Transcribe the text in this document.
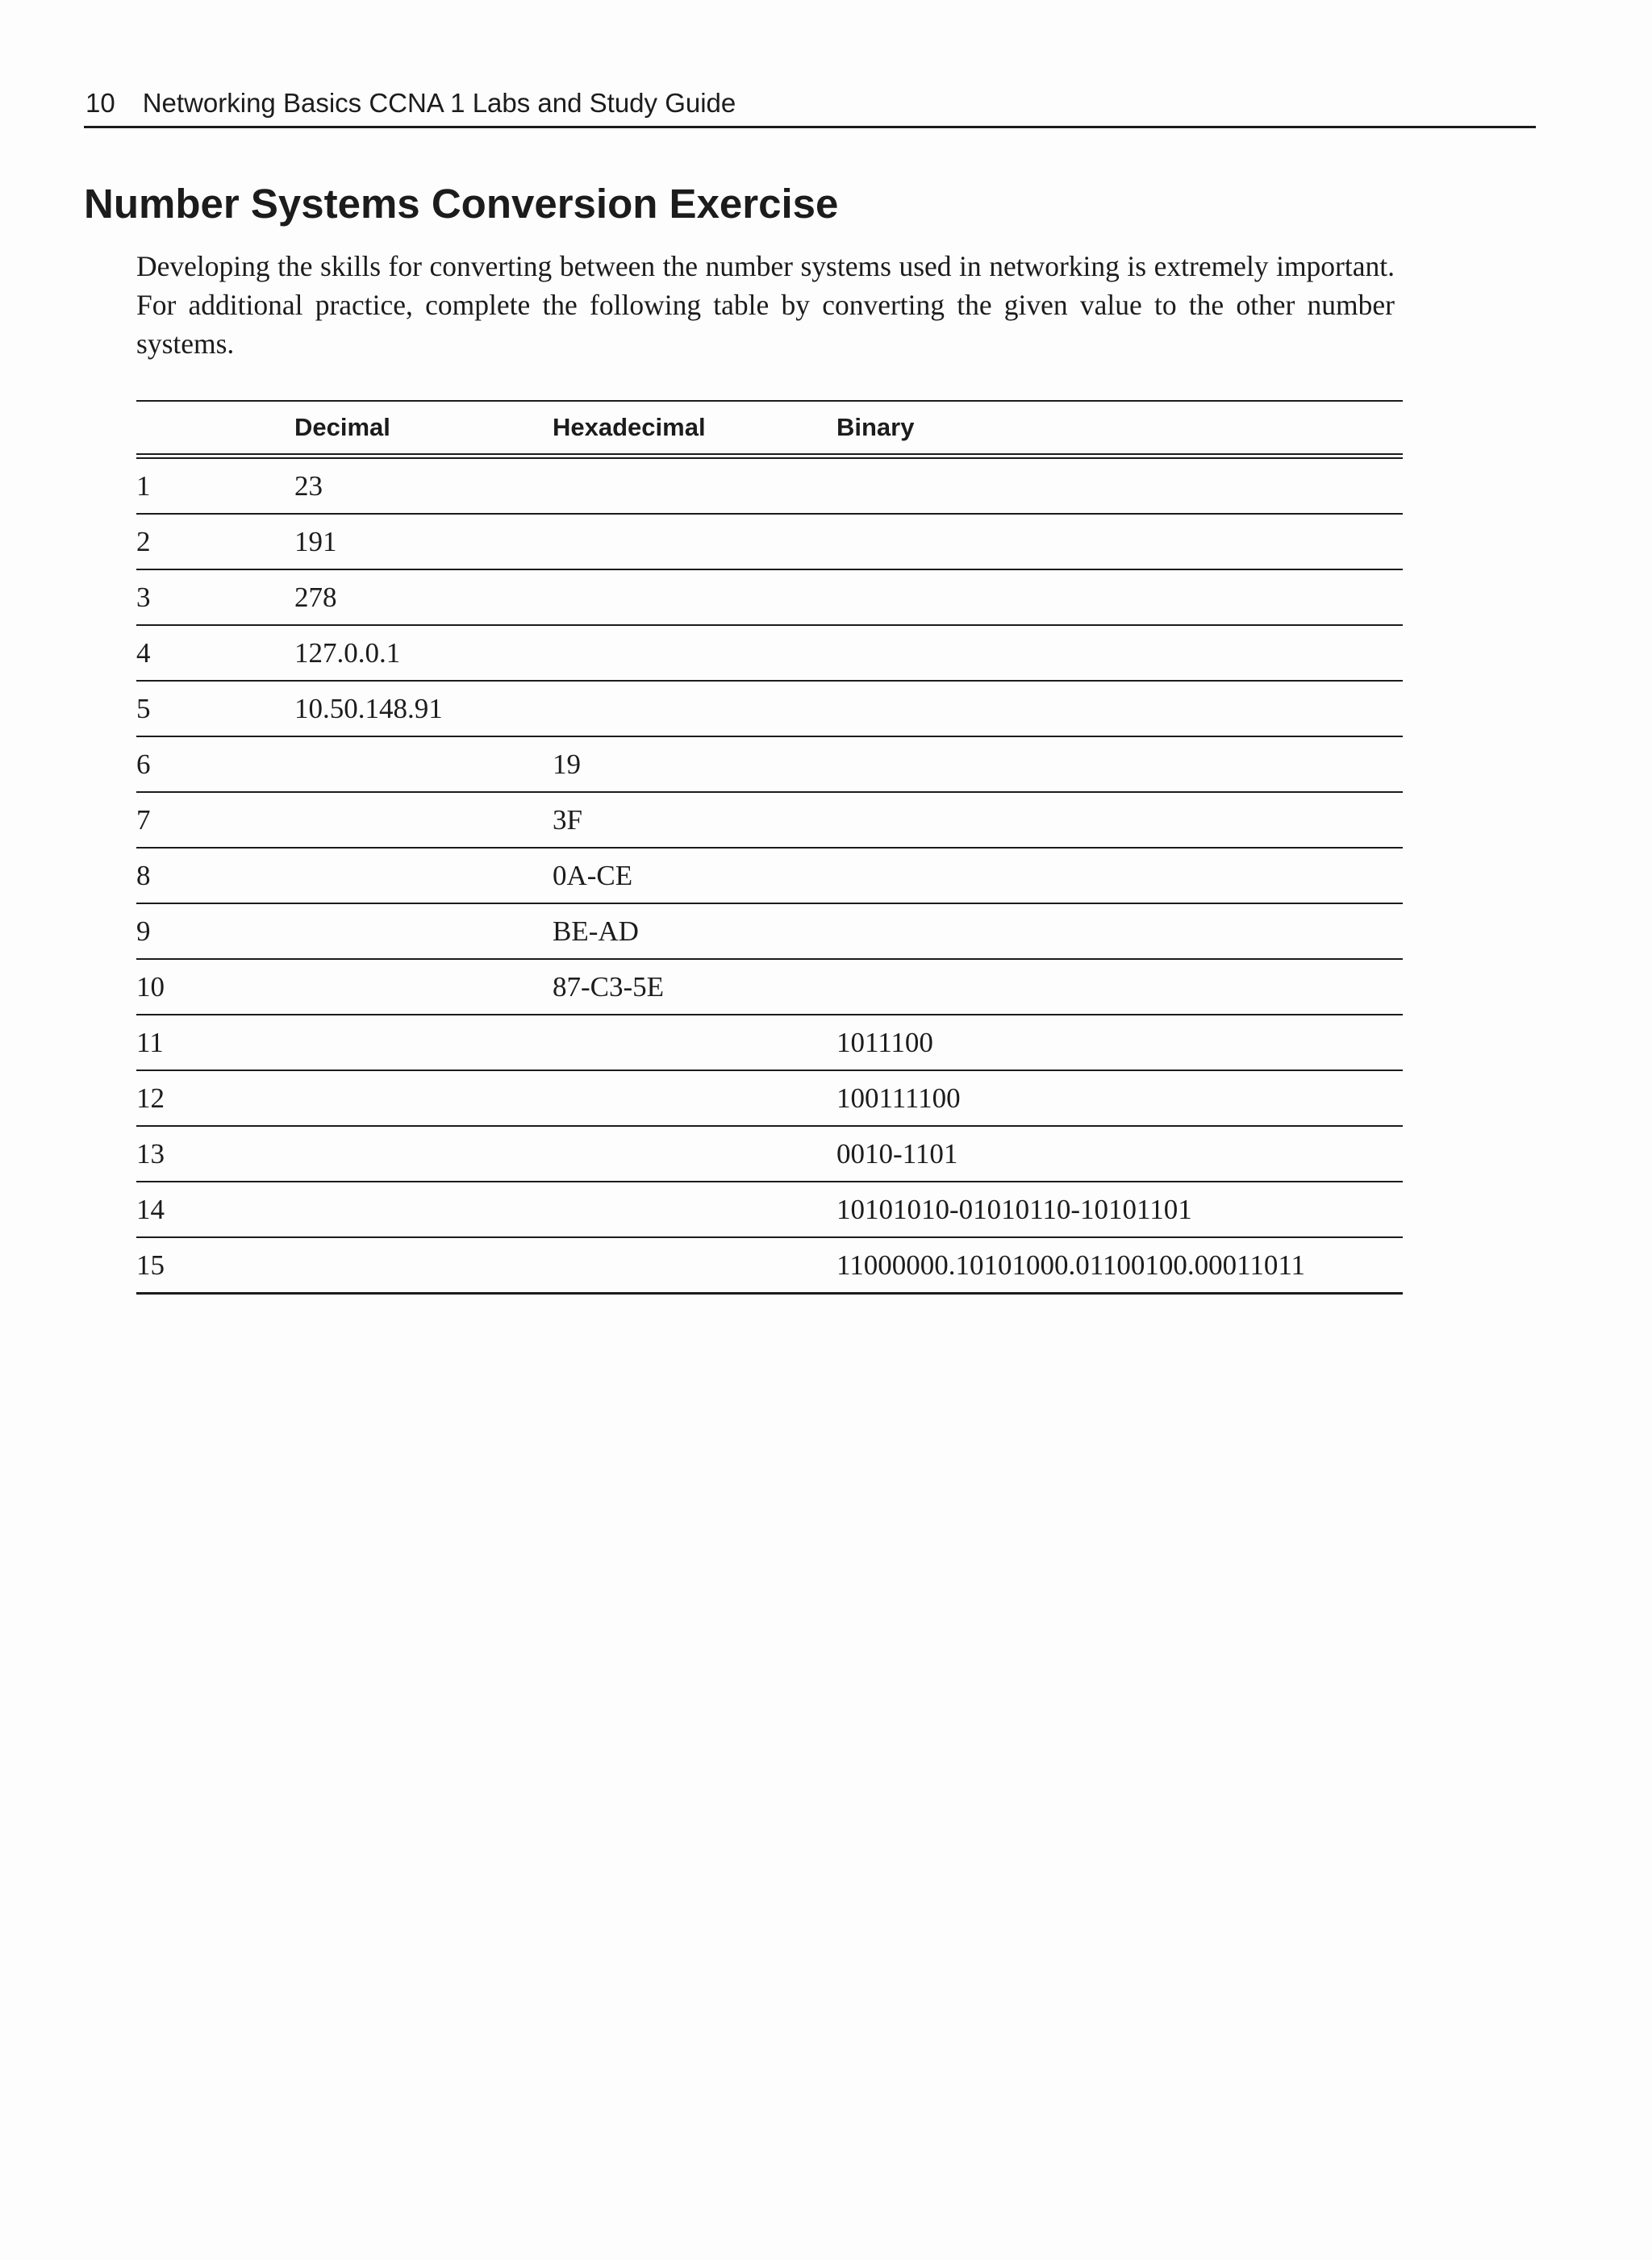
10 Networking Basics CCNA 1 Labs and Study Guide
Number Systems Conversion Exercise

Developing the skills for converting between the number systems used in networking is extremely important. For additional practice, complete the following table by converting the given value to the other number systems.

	Decimal	Hexadecimal	Binary
1	23		
2	191		
3	278		
4	127.0.0.1		
5	10.50.148.91		
6		19	
7		3F	
8		0A-CE	
9		BE-AD	
10		87-C3-5E	
11			1011100
12			100111100
13			0010-1101
14			10101010-01010110-10101101
15			11000000.10101000.01100100.00011011
